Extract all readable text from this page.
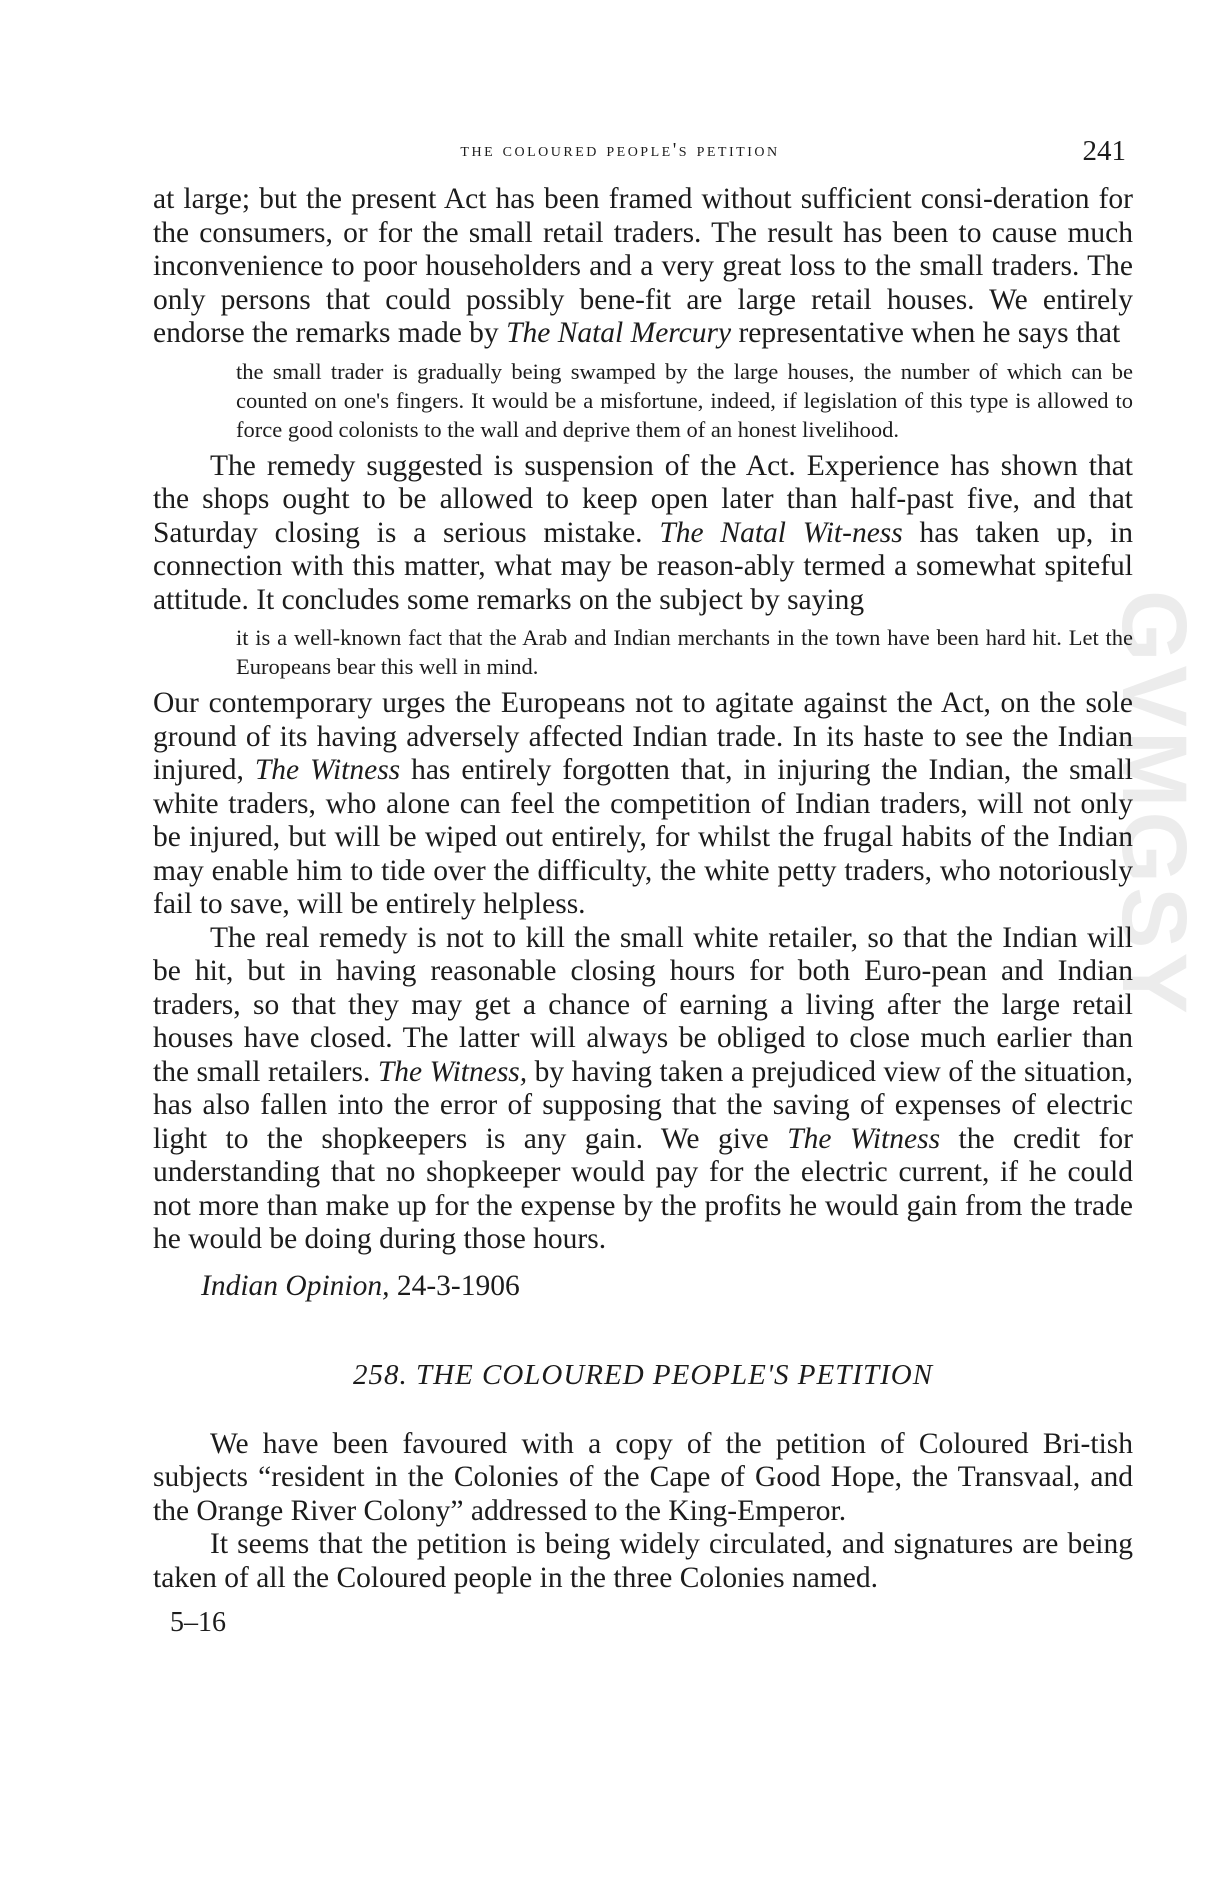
GVMGSY
the coloured people's petition	241

at large; but the present Act has been framed without sufficient consi-deration for the consumers, or for the small retail traders. The result has been to cause much inconvenience to poor householders and a very great loss to the small traders. The only persons that could possibly bene-fit are large retail houses. We entirely endorse the remarks made by The Natal Mercury representative when he says that

the small trader is gradually being swamped by the large houses, the number of which can be counted on one's fingers. It would be a misfortune, indeed, if legislation of this type is allowed to force good colonists to the wall and deprive them of an honest livelihood.

The remedy suggested is suspension of the Act. Experience has shown that the shops ought to be allowed to keep open later than half-past five, and that Saturday closing is a serious mistake. The Natal Wit-ness has taken up, in connection with this matter, what may be reason-ably termed a somewhat spiteful attitude. It concludes some remarks on the subject by saying

it is a well-known fact that the Arab and Indian merchants in the town have been hard hit. Let the Europeans bear this well in mind.

Our contemporary urges the Europeans not to agitate against the Act, on the sole ground of its having adversely affected Indian trade. In its haste to see the Indian injured, The Witness has entirely forgotten that, in injuring the Indian, the small white traders, who alone can feel the competition of Indian traders, will not only be injured, but will be wiped out entirely, for whilst the frugal habits of the Indian may enable him to tide over the difficulty, the white petty traders, who notoriously fail to save, will be entirely helpless.

The real remedy is not to kill the small white retailer, so that the Indian will be hit, but in having reasonable closing hours for both Euro-pean and Indian traders, so that they may get a chance of earning a living after the large retail houses have closed. The latter will always be obliged to close much earlier than the small retailers. The Witness, by having taken a prejudiced view of the situation, has also fallen into the error of supposing that the saving of expenses of electric light to the shopkeepers is any gain. We give The Witness the credit for understanding that no shopkeeper would pay for the electric current, if he could not more than make up for the expense by the profits he would gain from the trade he would be doing during those hours.

Indian Opinion, 24-3-1906
258. THE COLOURED PEOPLE'S PETITION

We have been favoured with a copy of the petition of Coloured Bri-tish subjects “resident in the Colonies of the Cape of Good Hope, the Transvaal, and the Orange River Colony” addressed to the King-Emperor.

It seems that the petition is being widely circulated, and signatures are being taken of all the Coloured people in the three Colonies named.

5–16
